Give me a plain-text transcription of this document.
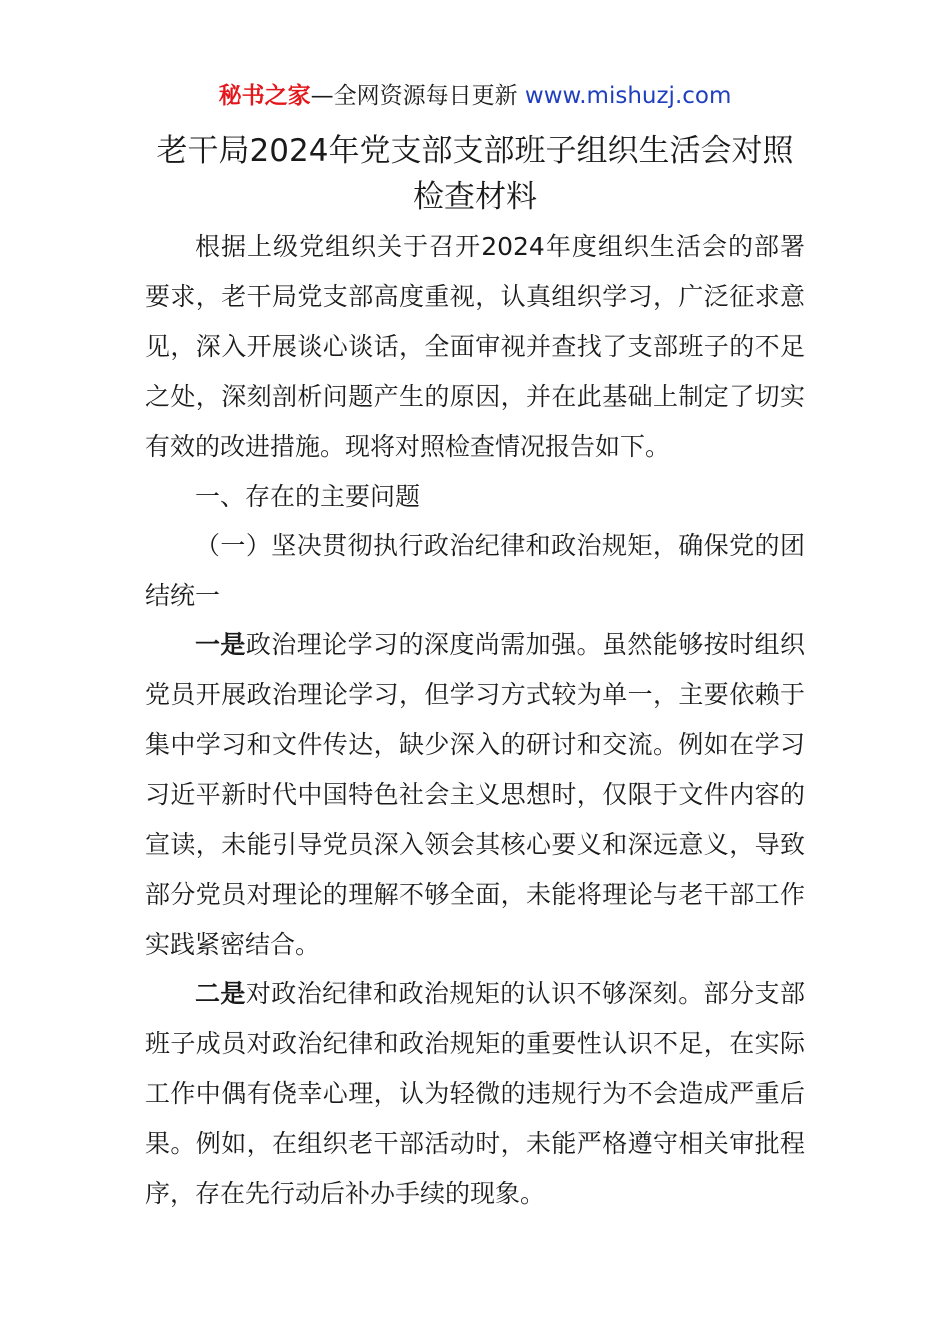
秘书之家—全网资源每日更新 www.mishuzj.com
老干局2024年党支部支部班子组织生活会对照
检查材料

根据上级党组织关于召开2024年度组织生活会的部署要求，老干局党支部高度重视，认真组织学习，广泛征求意见，深入开展谈心谈话，全面审视并查找了支部班子的不足之处，深刻剖析问题产生的原因，并在此基础上制定了切实有效的改进措施。现将对照检查情况报告如下。

一、存在的主要问题

（一）坚决贯彻执行政治纪律和政治规矩，确保党的团结统一

一是政治理论学习的深度尚需加强。虽然能够按时组织党员开展政治理论学习，但学习方式较为单一，主要依赖于集中学习和文件传达，缺少深入的研讨和交流。例如在学习习近平新时代中国特色社会主义思想时，仅限于文件内容的宣读，未能引导党员深入领会其核心要义和深远意义，导致部分党员对理论的理解不够全面，未能将理论与老干部工作实践紧密结合。

二是对政治纪律和政治规矩的认识不够深刻。部分支部班子成员对政治纪律和政治规矩的重要性认识不足，在实际工作中偶有侥幸心理，认为轻微的违规行为不会造成严重后果。例如，在组织老干部活动时，未能严格遵守相关审批程序，存在先行动后补办手续的现象。
